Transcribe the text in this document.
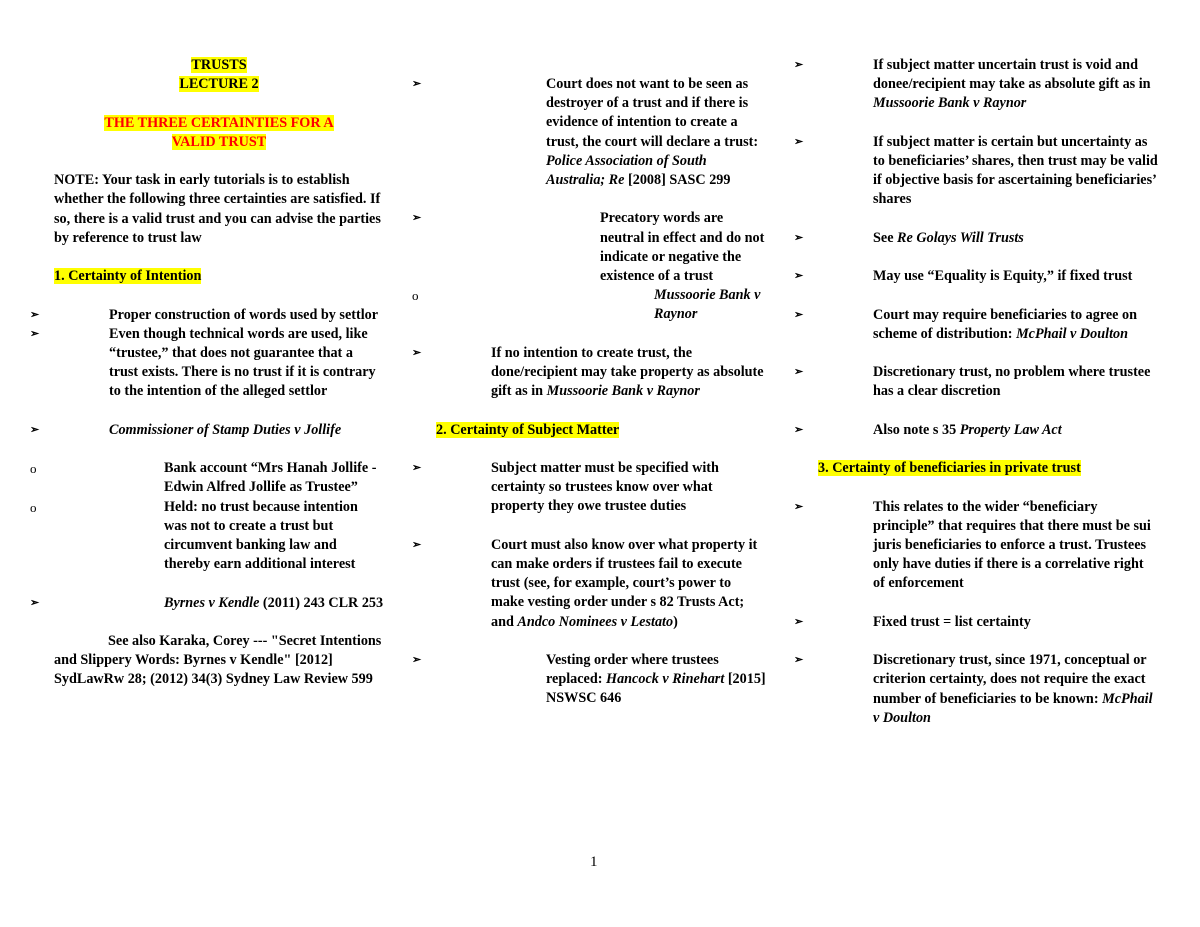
TRUSTS

LECTURE 2

THE THREE CERTAINTIES FOR A

VALID TRUST

NOTE: Your task in early tutorials is to establish whether the following three certainties are satisfied. If so, there is a valid trust and you can advise the parties by reference to trust law

1. Certainty of Intention

➢	Proper construction of words used by settlor
➢	Even though technical words are used, like “trustee,” that does not guarantee that a trust exists. There is no trust if it is contrary to the intention of the alleged settlor
➢	Commissioner of Stamp Duties v Jollife
o	Bank account “Mrs Hanah Jollife - Edwin Alfred Jollife as Trustee”
o	Held: no trust because intention was not to create a trust but circumvent banking law and thereby earn additional interest
➢	Byrnes v Kendle (2011) 243 CLR 253

See also Karaka, Corey --- "Secret Intentions and Slippery Words: Byrnes v Kendle" [2012]           SydLawRw 28; (2012) 34(3) Sydney Law Review 599

➢	Court does not want to be seen as destroyer of a trust and if there is evidence of intention to create a trust, the court will declare a trust: Police Association of South Australia; Re [2008] SASC 299
➢	Precatory words are neutral in effect and do not indicate or negative the existence of a trust
o	Mussoorie Bank v Raynor
➢	If no intention to create trust, the done/recipient may take property as absolute gift as in Mussoorie Bank v Raynor

2. Certainty of Subject Matter

➢	Subject matter must be specified with certainty so trustees know over what property they owe trustee duties
➢	Court must also know over what property it can make orders if trustees fail to execute trust (see, for example, court’s power to make vesting order under s 82 Trusts Act; and Andco Nominees v Lestato)
➢	Vesting order where trustees replaced: Hancock v Rinehart [2015] NSWSC 646
➢	If subject matter uncertain trust is void and donee/recipient may take as absolute gift as in Mussoorie Bank v Raynor
➢	If subject matter is certain but uncertainty as to beneficiaries’ shares, then trust may be valid if objective basis for ascertaining beneficiaries’ shares
➢	See Re Golays Will Trusts
➢	May use “Equality is Equity,” if fixed trust
➢	Court may require beneficiaries to agree on scheme of distribution: McPhail v Doulton
➢	Discretionary trust, no problem where trustee has a clear discretion
➢	Also note s 35 Property Law Act

3. Certainty of beneficiaries in private trust

➢	This relates to the wider “beneficiary principle” that requires that there must be sui juris beneficiaries to enforce a trust. Trustees only have duties if there is a correlative right of enforcement
➢	Fixed trust = list certainty
➢	Discretionary trust, since 1971, conceptual or criterion certainty, does not require the exact number of beneficiaries to be known: McPhail v Doulton
1
